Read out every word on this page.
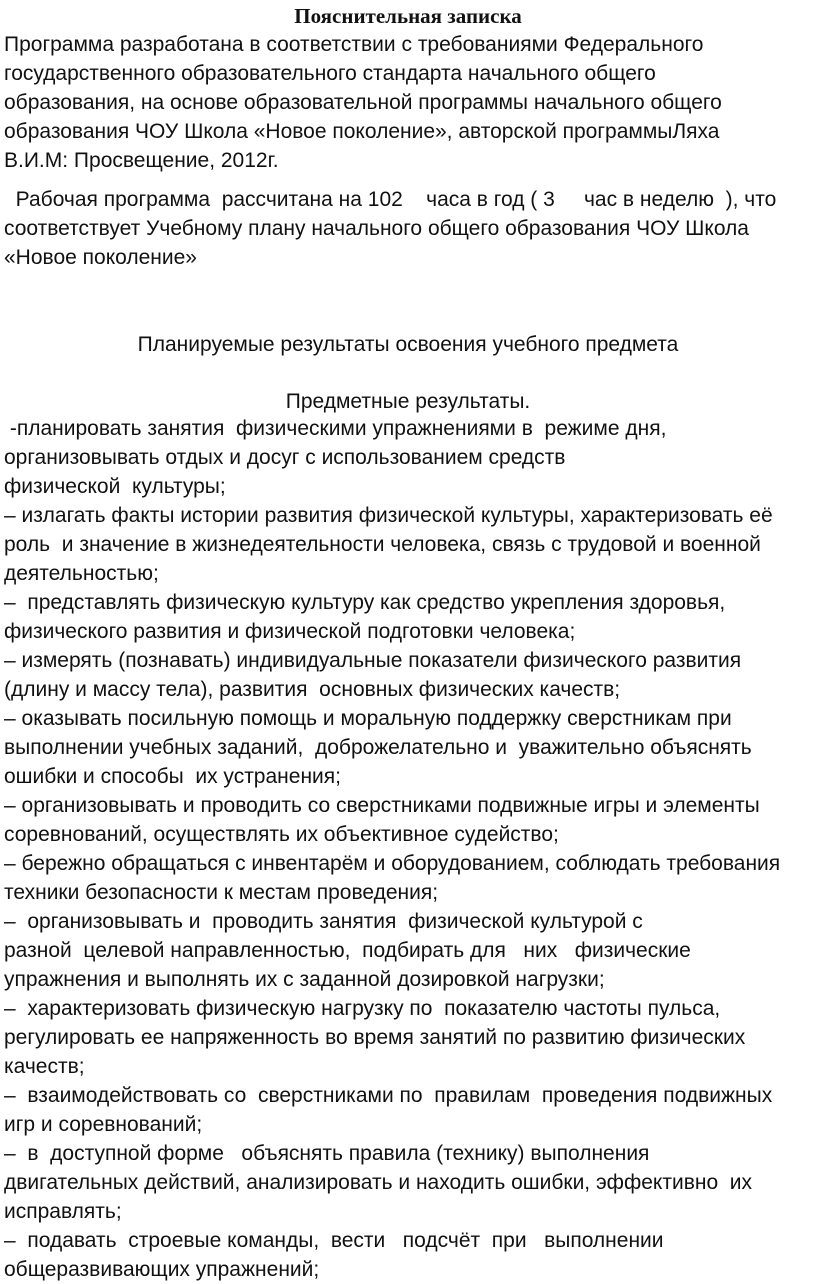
Пояснительная записка

Программа разработана в соответствии с требованиями Федерального
государственного образовательного стандарта начального общего
образования, на основе образовательной программы начального общего
образования ЧОУ Школа «Новое поколение», авторской программыЛяха
В.И.М: Просвещение, 2012г.

Рабочая программа  рассчитана на 102    часа в год ( 3     час в неделю  ), что
соответствует Учебному плану начального общего образования ЧОУ Школа
«Новое поколение»

Планируемые результаты освоения учебного предмета

Предметные результаты.

-планировать занятия  физическими упражнениями в  режиме дня,
организовывать отдых и досуг с использованием средств
физической  культуры;
– излагать факты истории развития физической культуры, характеризовать её
роль  и значение в жизнедеятельности человека, связь с трудовой и военной
деятельностью;
–  представлять физическую культуру как средство укрепления здоровья,
физического развития и физической подготовки человека;
– измерять (познавать) индивидуальные показатели физического развития
(длину и массу тела), развития  основных физических качеств;
– оказывать посильную помощь и моральную поддержку сверстникам при
выполнении учебных заданий,  доброжелательно и  уважительно объяснять
ошибки и способы  их устранения;
– организовывать и проводить со сверстниками подвижные игры и элементы
соревнований, осуществлять их объективное судейство;
– бережно обращаться с инвентарём и оборудованием, соблюдать требования
техники безопасности к местам проведения;
–  организовывать и  проводить занятия  физической культурой с
разной  целевой направленностью,  подбирать для   них   физические
упражнения и выполнять их с заданной дозировкой нагрузки;
–  характеризовать физическую нагрузку по  показателю частоты пульса,
регулировать ее напряженность во время занятий по развитию физических
качеств;
–  взаимодействовать со  сверстниками по  правилам  проведения подвижных
игр и соревнований;
–  в  доступной форме   объяснять правила (технику) выполнения
двигательных действий, анализировать и находить ошибки, эффективно  их
исправлять;
–  подавать  строевые команды,  вести   подсчёт  при   выполнении
общеразвивающих упражнений;
